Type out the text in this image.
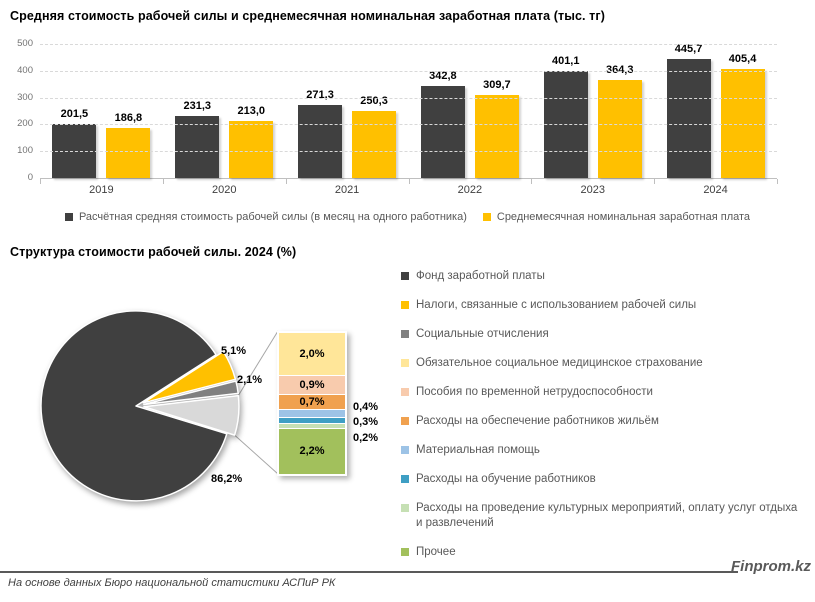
Средняя стоимость рабочей силы и среднемесячная номинальная заработная плата (тыс. тг)
201,5	186,8
231,3	213,0
271,3	250,3
342,8
309,7
401,1
364,3
445,7
405,4
2019	2020	2021	2022	2023	2024
Расчётная средняя стоимость рабочей силы (в месяц на одного работника)	Среднемесячная номинальная заработная плата
Структура стоимости рабочей силы. 2024 (%)
2,0%
0,9%
0,7%
2,2%
Фонд заработной платы
Налоги, связанные с использованием рабочей силы
Социальные отчисления
Обязательное социальное медицинское страхование
Пособия по временной нетрудоспособности
Расходы на обеспечение работников жильём
Материальная помощь
Расходы на обучение работников
Расходы на проведение культурных мероприятий, оплату услуг отдыха и развлечений
Прочее
86,2%
5,1%
2,1%
0,4%
0,3%
0,2%
Finprom.kz
На основе данных Бюро национальной статистики АСПиР РК
0
100
200
300
400
500
